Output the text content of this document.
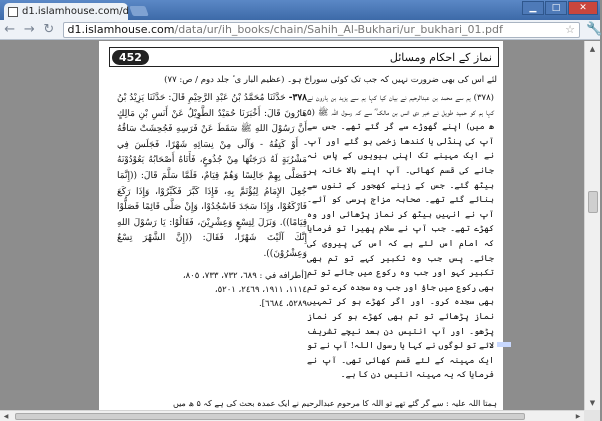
d1.islamhouse.com/d	▁	□	✕
← → ↻	d1.islamhouse.com /data/ur/ih_books/chain/Sahih_Al-Bukhari/ur_bukhari_01.pdf	☆ 🔧
452	نماز کے احکام ومسائل
لئے اس کی بھی ضرورت نہیں کہ جب تک کوئی سوراخ ہو۔ (عظیم البار ی ٔ جلد دوم / ص: ۷۷)
٣٧٨- حَدَّثَنَا مُحَمَّدُ بْنُ عَبْدِ الرَّحِيْمِ قَالَ: حَدَّثَنَا يَزِيْدُ بْنُ هَارُونَ قَالَ: أَخْبَرَنَا حُمَيْدٌ الطَّوِيْلُ عَنْ أَنَسِ بْنِ مَالِكٍ أَنَّ رَسُوْلَ اللهِ ﷺ سَقَطَ عَنْ فَرَسِهِ فَجُحِشَتْ سَاقُهُ - أَوْ كَتِفُهُ - وَآلَى مِنْ نِسَائِهِ شَهْرًا، فَجَلَسَ فِي مَشْرُبَةٍ لَهُ دَرَجَتُهَا مِنْ جُذُوعٍ، فَأَتَاهُ أَصْحَابُهُ يَعُوْدُوْنَهُ فَصَلَّى بِهِمْ جَالِسًا وَهُمْ قِيَامٌ، فَلَمَّا سَلَّمَ قَالَ: ((إِنَّمَا جُعِلَ الإِمَامُ لِيُؤْتَمَّ بِهِ، فَإِذَا كَبَّرَ فَكَبِّرُوْا، وَإِذَا رَكَعَ فَارْكَعُوْا، وَإِذَا سَجَدَ فَاسْجُدُوْا، وَإِنْ صَلَّى قَائِمًا فَصَلُّوْا قِيَامًا)). وَنَزَلَ لِتِسْعٍ وَعِشْرِيْنَ، فَقَالُوْا: يَا رَسُوْلَ اللهِ إِنَّكَ آلَيْتَ شَهْرًا، فَقَالَ: ((إِنَّ الشَّهْرَ تِسْعٌ وَعِشْرُوْنَ)).
[أطرافه في : ٦٨٩، ٧٣٢، ٧٣٣، ٨٠٥،
١١١٤، ١٩١١، ٢٤٦٩، ٥٢٠١،
٥٢٨٩، ٦٦٨٤].
(۳۷۸) ہم سے محمد بن عبدالرحیم نے بیان کیا کہا ہم سے یزید بن ہارون نے کہا ہم کو حمید طویل نے خبر دی انس بن مالک ؓ سے کہ رسول اللہ ﷺ (۵ ھ میں) اپنے گھوڑے سے گر گئے تھے۔ جس سے آپ کی پنڈلی یا کندھا زخمی ہو گئے اور آپ نے ایک مہینے تک اپنی بیویوں کے پاس نہ جانے کی قسم کھائی۔ آپ اپنے بالا خانہ پر بیٹھ گئے۔ جس کے زینے کھجور کے تنوں سے بنائے گئے تھے۔ صحابہ مزاج پرسی کو آئے۔ آپ نے انہیں بیٹھ کر نماز پڑھائی اور وہ کھڑے تھے۔ جب آپ نے سلام پھیرا تو فرمایا کہ امام اس لئے ہے کہ اس کی پیروی کی جائے۔ پس جب وہ تکبیر کہے تو تم بھی تکبیر کہو اور جب وہ رکوع میں جائے تو تم بھی رکوع میں جاؤ اور جب وہ سجدہ کرے تو تم بھی سجدہ کرو۔ اور اگر کھڑے ہو کر تمہیں نماز پڑھائے تو تم بھی کھڑے ہو کر نماز پڑھو۔ اور آپ انتیس دن بعد نیچے تشریف لائے تو لوگوں نے کہا یا رسول اللہ! آپ نے تو ایک مہینہ کے لئے قسم کھائی تھی۔ آپ نے فرمایا کہ یہ مہینہ انتیس دن کا ہے۔
ہمتا اللہ علیہ : سے گر گئے تھے تو اللہ کا مرحوم عبدالرحیم نے ایک عمدہ بحث کی ہے کہ ۵ ھ میں
▲
▼
◀	▶
